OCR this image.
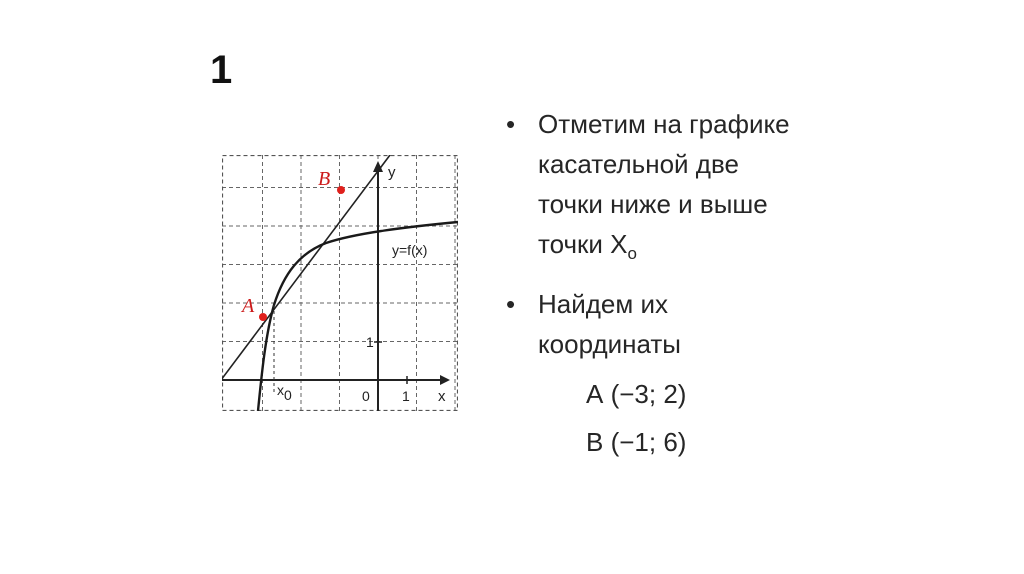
1
A
B	y
x
y=f(x)
1
1
0
x0
• Отметим на графике
касательной две
точки ниже и выше
точки $Х_о$
• Найдем их
координаты
А (−3; 2)
В (−1; 6)
